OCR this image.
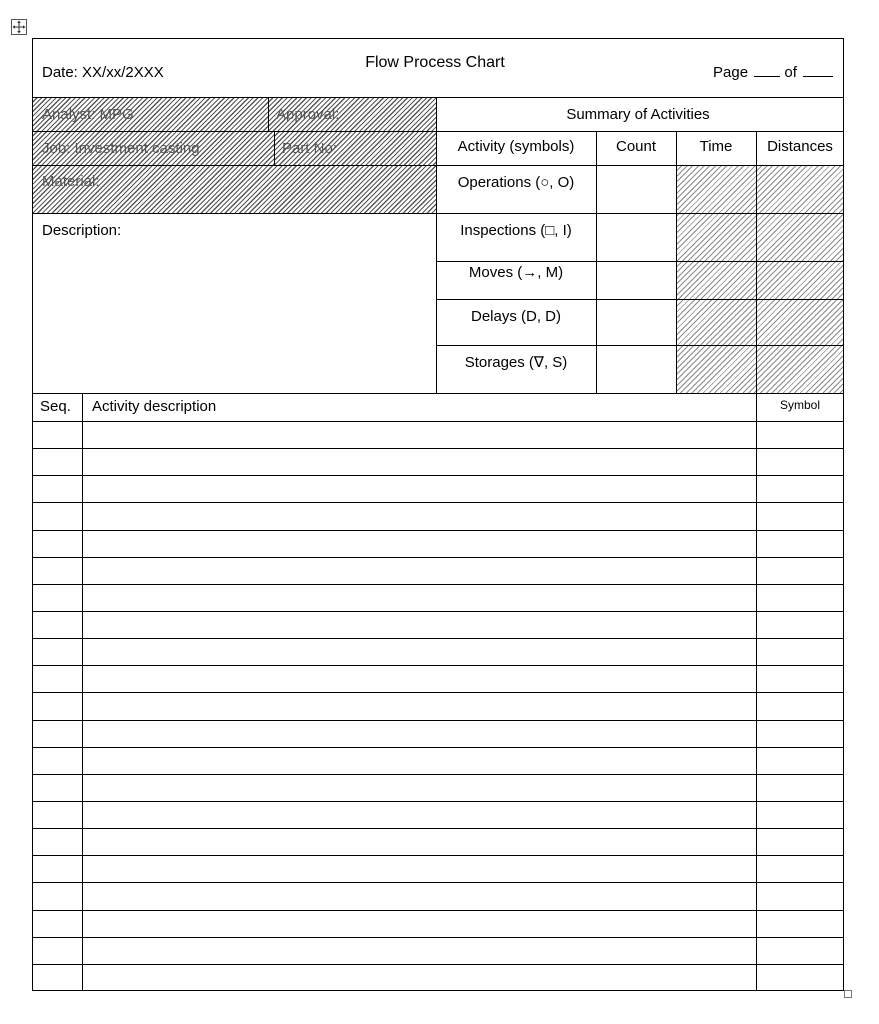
Date: XX/xx/2XXX
Flow Process Chart
Page of
Analyst: MPG	Approval:
Job: Investment casting	Part No:
Material:
Description:
Summary of Activities
Activity (symbols)	Count	Time Distances
Operations (○, O)
Inspections (□, I)
Moves (→, M)
Delays (D, D)
Storages (∇, S)
Seq. Activity description	Symbol
